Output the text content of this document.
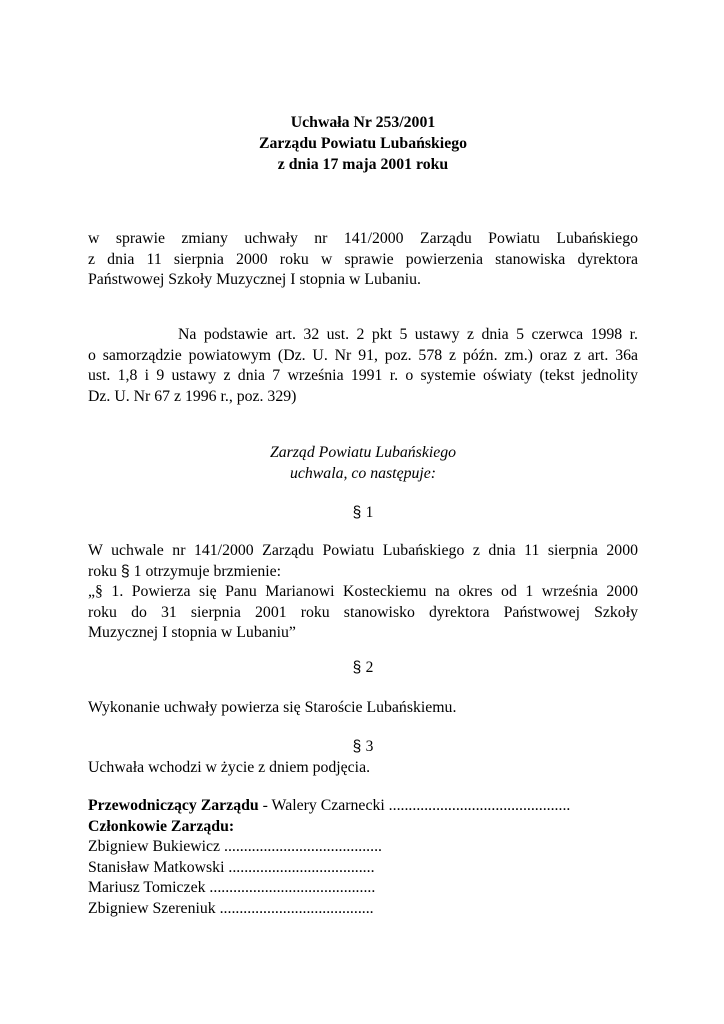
Uchwała Nr 253/2001
Zarządu Powiatu Lubańskiego
z dnia 17 maja 2001 roku
w sprawie zmiany uchwały nr 141/2000 Zarządu Powiatu Lubańskiego
z dnia 11 sierpnia 2000 roku w sprawie powierzenia stanowiska dyrektora
Państwowej Szkoły Muzycznej I stopnia w Lubaniu.
Na podstawie art. 32 ust. 2 pkt 5 ustawy z dnia 5 czerwca 1998 r.
o samorządzie powiatowym (Dz. U. Nr 91, poz. 578 z późn. zm.) oraz z art. 36a
ust. 1,8 i 9 ustawy z dnia 7 września 1991 r. o systemie oświaty (tekst jednolity
Dz. U. Nr 67 z 1996 r., poz. 329)
Zarząd Powiatu Lubańskiego
uchwala, co następuje:
§ 1
W uchwale nr 141/2000 Zarządu Powiatu Lubańskiego z dnia 11 sierpnia 2000
roku § 1 otrzymuje brzmienie:
„§ 1. Powierza się Panu Marianowi Kosteckiemu na okres od 1 września 2000
roku do 31 sierpnia 2001 roku stanowisko dyrektora Państwowej Szkoły
Muzycznej I stopnia w Lubaniu”
§ 2
Wykonanie uchwały powierza się Staroście Lubańskiemu.
§ 3
Uchwała wchodzi w życie z dniem podjęcia.
Przewodniczący Zarządu - Walery Czarnecki ..............................................
Członkowie Zarządu:
Zbigniew Bukiewicz ........................................
Stanisław Matkowski .....................................
Mariusz Tomiczek ..........................................
Zbigniew Szereniuk .......................................
